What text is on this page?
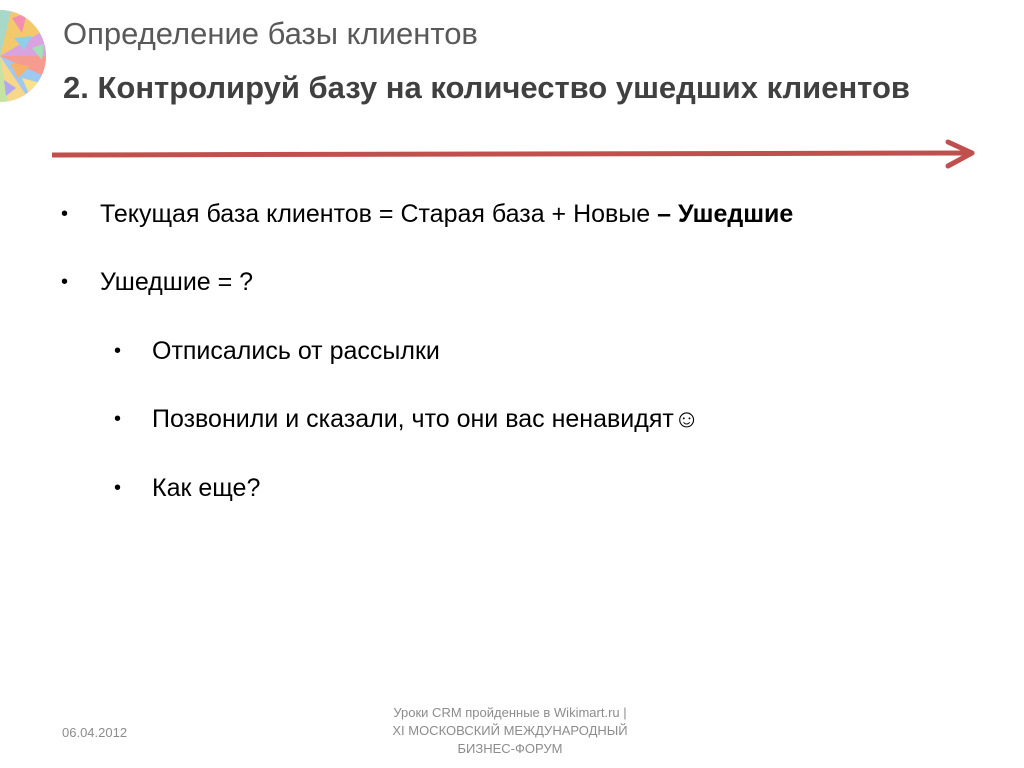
Определение базы клиентов
2. Контролируй базу на количество ушедших клиентов
• Текущая база клиентов = Старая база + Новые – Ушедшие
• Ушедшие = ?
• Отписались от рассылки
• Позвонили и сказали, что они вас ненавидят☺
• Как еще?
06.04.2012
Уроки CRM пройденные в Wikimart.ru |
XI МОСКОВСКИЙ МЕЖДУНАРОДНЫЙ
БИЗНЕС-ФОРУМ
